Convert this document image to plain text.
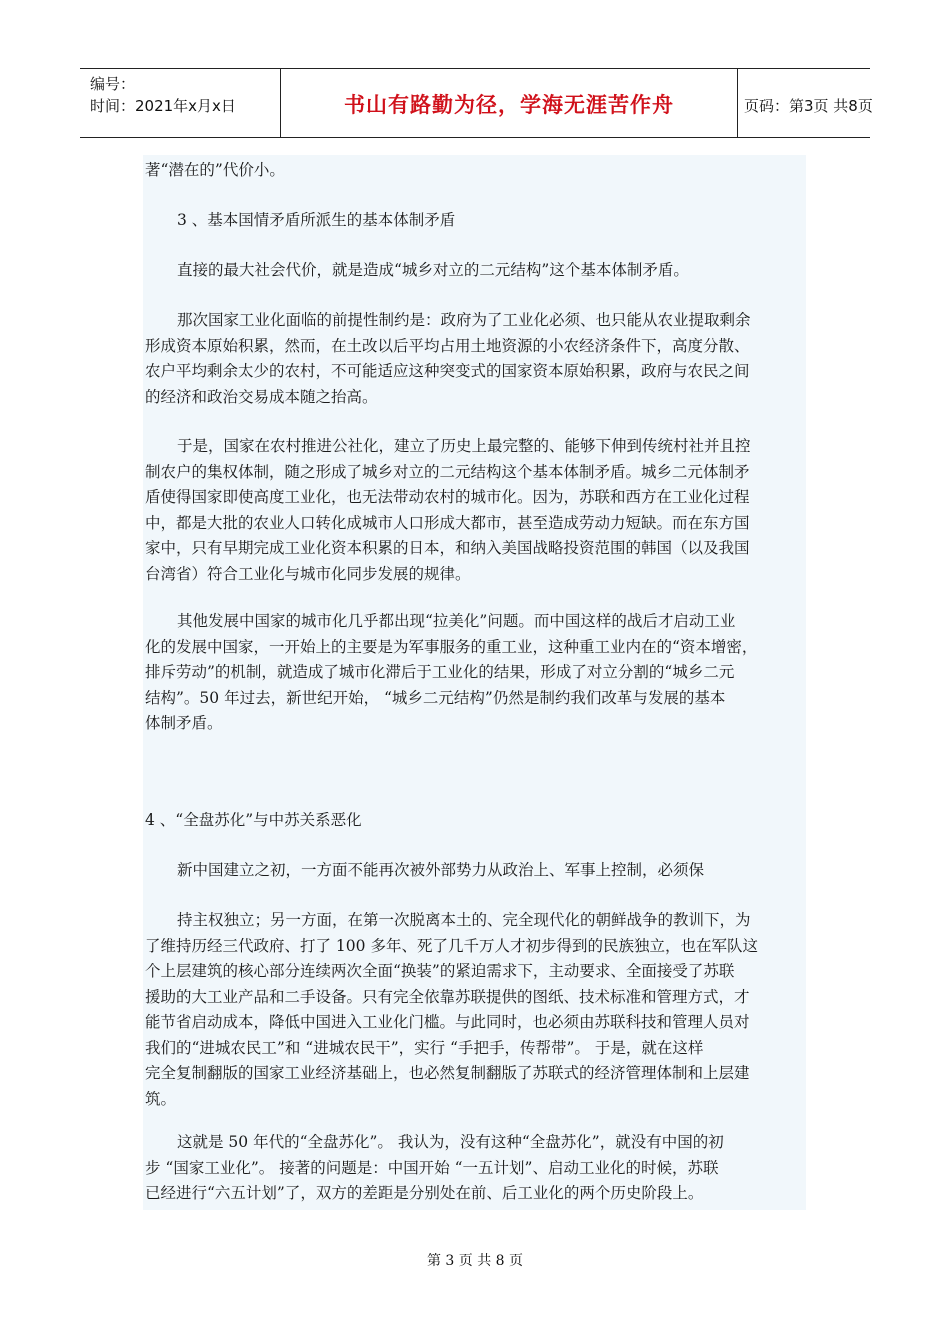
编号：
时间：2021年x月x日	书山有路勤为径，学海无涯苦作舟	页码：第3页 共8页
著“潜在的”代价小。
3 、基本国情矛盾所派生的基本体制矛盾
直接的最大社会代价，就是造成“城乡对立的二元结构”这个基本体制矛盾。
那次国家工业化面临的前提性制约是：政府为了工业化必须、也只能从农业提取剩余
形成资本原始积累，然而，在土改以后平均占用土地资源的小农经济条件下，高度分散、
农户平均剩余太少的农村，不可能适应这种突变式的国家资本原始积累，政府与农民之间
的经济和政治交易成本随之抬高。
于是，国家在农村推进公社化，建立了历史上最完整的、能够下伸到传统村社并且控
制农户的集权体制，随之形成了城乡对立的二元结构这个基本体制矛盾。城乡二元体制矛
盾使得国家即使高度工业化，也无法带动农村的城市化。因为，苏联和西方在工业化过程
中，都是大批的农业人口转化成城市人口形成大都市，甚至造成劳动力短缺。而在东方国
家中，只有早期完成工业化资本积累的日本，和纳入美国战略投资范围的韩国（以及我国
台湾省）符合工业化与城市化同步发展的规律。
其他发展中国家的城市化几乎都出现“拉美化”问题。而中国这样的战后才启动工业
化的发展中国家，一开始上的主要是为军事服务的重工业，这种重工业内在的“资本增密，
排斥劳动”的机制，就造成了城市化滞后于工业化的结果，形成了对立分割的“城乡二元
结构”。50 年过去，新世纪开始， “城乡二元结构”仍然是制约我们改革与发展的基本
体制矛盾。
4 、“全盘苏化”与中苏关系恶化
新中国建立之初，一方面不能再次被外部势力从政治上、军事上控制，必须保
持主权独立；另一方面，在第一次脱离本土的、完全现代化的朝鲜战争的教训下，为
了维持历经三代政府、打了 100 多年、死了几千万人才初步得到的民族独立，也在军队这
个上层建筑的核心部分连续两次全面“换装”的紧迫需求下，主动要求、全面接受了苏联
援助的大工业产品和二手设备。只有完全依靠苏联提供的图纸、技术标准和管理方式，才
能节省启动成本，降低中国进入工业化门槛。与此同时，也必须由苏联科技和管理人员对
我们的“进城农民工”和 “进城农民干”，实行 “手把手，传帮带”。 于是，就在这样
完全复制翻版的国家工业经济基础上，也必然复制翻版了苏联式的经济管理体制和上层建
筑。
这就是 50 年代的“全盘苏化”。 我认为，没有这种“全盘苏化”，就没有中国的初
步 “国家工业化”。 接著的问题是：中国开始 “一五计划”、启动工业化的时候，苏联
已经进行“六五计划”了，双方的差距是分别处在前、后工业化的两个历史阶段上。
第 3 页 共 8 页
